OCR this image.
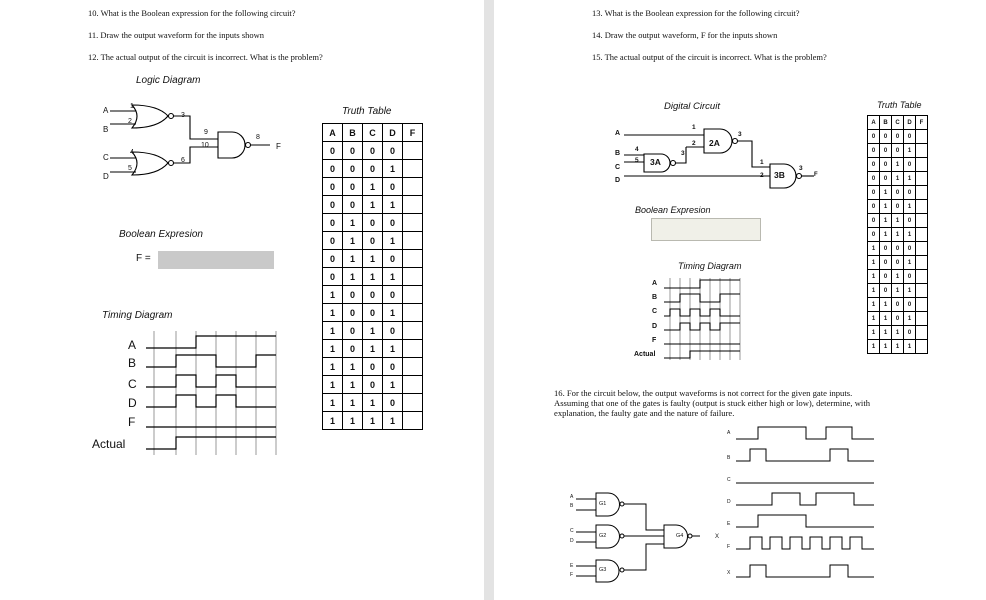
10. What is the Boolean expression for the following circuit?
11. Draw the output waveform for the inputs shown
12. The actual output of the circuit is incorrect. What is the problem?
Logic Diagram
A
B
C
D
1
2
3
4
5
6
9
10
8
F
Truth Table
A	B	C	D	F
0	0	0	0	
0	0	0	1	
0	0	1	0	
0	0	1	1	
0	1	0	0	
0	1	0	1	
0	1	1	0	
0	1	1	1	
1	0	0	0	
1	0	0	1	
1	0	1	0	
1	0	1	1	
1	1	0	0	
1	1	0	1	
1	1	1	0	
1	1	1	1	
Boolean Expresion
F =
Timing Diagram
A
B
C
D
F
Actual
13. What is the Boolean expression for the following circuit?
14. Draw the output waveform, F for the inputs shown
15. The actual output of the circuit is incorrect. What is the problem?
Digital Circuit
A
B
C
D
2A
3A
3B
1
2
3
4
5
3
1
2
3
F
Boolean Expresion
Timing Diagram
A
B
C
D
F
Actual
Truth Table
A	B	C	D	F
0	0	0	0	
0	0	0	1	
0	0	1	0	
0	0	1	1	
0	1	0	0	
0	1	0	1	
0	1	1	0	
0	1	1	1	
1	0	0	0	
1	0	0	1	
1	0	1	0	
1	0	1	1	
1	1	0	0	
1	1	0	1	
1	1	1	0	
1	1	1	1	
16. For the circuit below, the output waveforms is not correct for the given gate inputs. Assuming that one of the gates is faulty (output is stuck either high or low), determine, with explanation, the faulty gate and the nature of failure.
A
B
C
D
E
F
G1
G2
G3
G4	X
A
B
C
D
E
F
X
